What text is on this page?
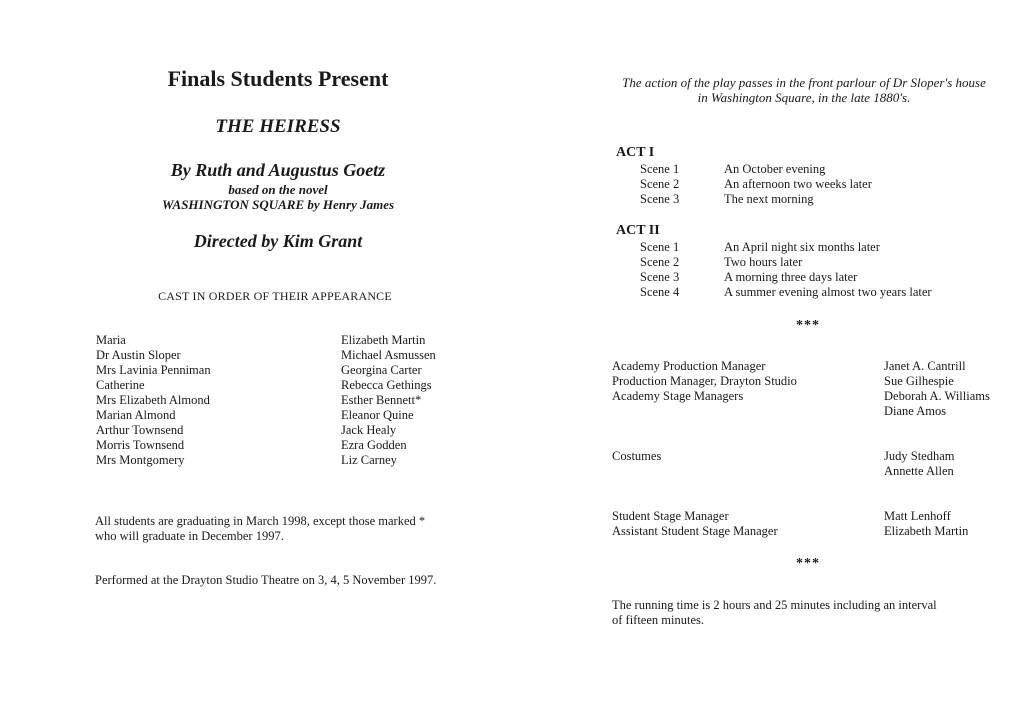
Finals Students Present
THE HEIRESS
By Ruth and Augustus Goetz
based on the novel
WASHINGTON SQUARE by Henry James
Directed by Kim Grant
CAST IN ORDER OF THEIR APPEARANCE
Maria	Elizabeth Martin
Dr Austin Sloper	Michael Asmussen
Mrs Lavinia Penniman	Georgina Carter
Catherine	Rebecca Gethings
Mrs Elizabeth Almond	Esther Bennett*
Marian Almond	Eleanor Quine
Arthur Townsend	Jack Healy
Morris Townsend	Ezra Godden
Mrs Montgomery	Liz Carney
All students are graduating in March 1998, except those marked *
who will graduate in December 1997.
Performed at the Drayton Studio Theatre on 3, 4, 5 November 1997.
The action of the play passes in the front parlour of Dr Sloper's house
in Washington Square, in the late 1880's.
ACT I
Scene 1	An October evening
Scene 2	An afternoon two weeks later
Scene 3	The next morning
ACT II
Scene 1	An April night six months later
Scene 2	Two hours later
Scene 3	A morning three days later
Scene 4	A summer evening almost two years later
***
Academy Production Manager	Janet A. Cantrill
Production Manager, Drayton Studio	Sue Gilhespie
Academy Stage Managers	Deborah A. Williams
Diane Amos
Costumes	Judy Stedham
Annette Allen
Student Stage Manager	Matt Lenhoff
Assistant Student Stage Manager	Elizabeth Martin
***
The running time is 2 hours and 25 minutes including an interval
of fifteen minutes.
